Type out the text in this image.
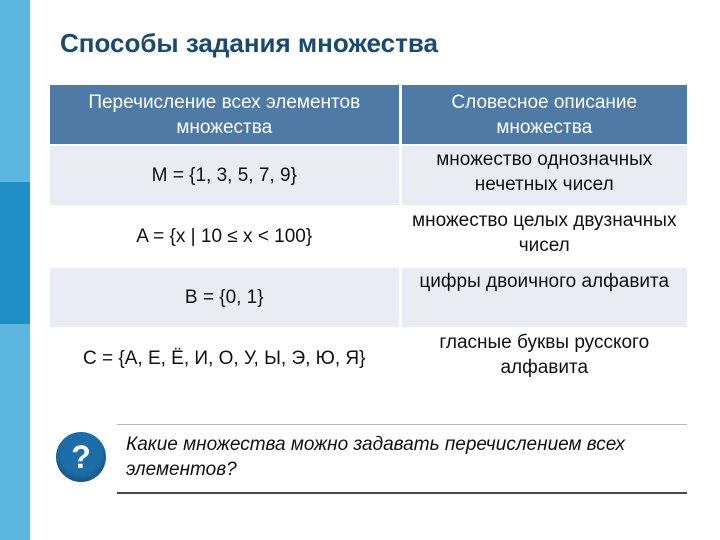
Способы задания множества
Перечисление всех элементов множества	Словесное описание множества
M = {1, 3, 5, 7, 9}	множество однозначных нечетных чисел
A = {x | 10 ≤ x < 100}	множество целых двузначных чисел
B = {0, 1}	цифры двоичного алфавита
C = {А, Е, Ё, И, О, У, Ы, Э, Ю, Я}	гласные буквы русского алфавита
?	Какие множества можно задавать перечислением всех элементов?
